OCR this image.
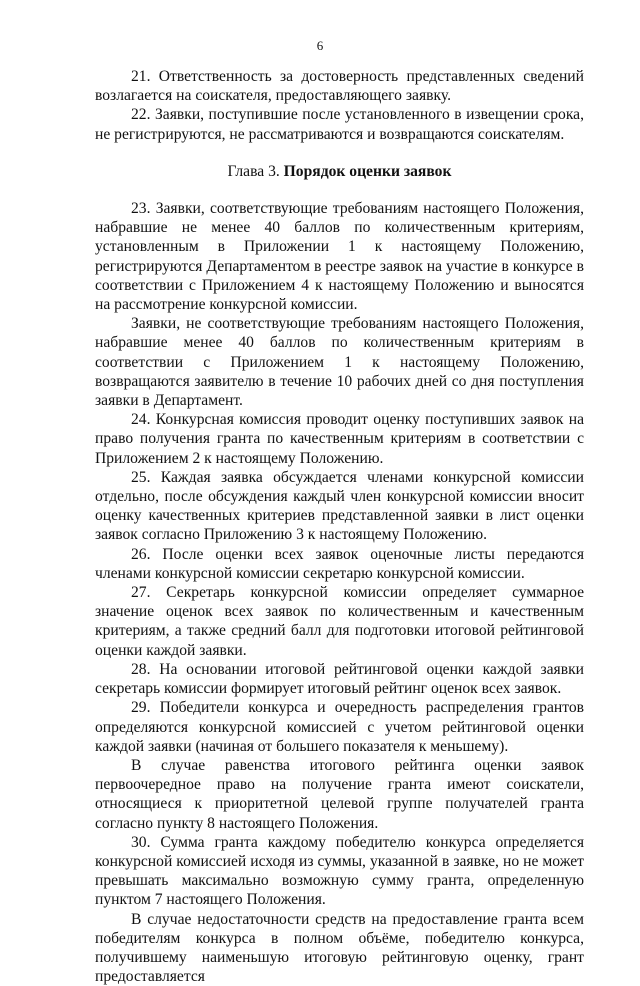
6

21. Ответственность за достоверность представленных сведений возлагается на соискателя, предоставляющего заявку.

22. Заявки, поступившие после установленного в извещении срока, не регистрируются, не рассматриваются и возвращаются соискателям.

Глава 3. Порядок оценки заявок

23. Заявки, соответствующие требованиям настоящего Положения, набравшие не менее 40 баллов по количественным критериям, установленным в Приложении 1 к настоящему Положению, регистрируются Департаментом в реестре заявок на участие в конкурсе в соответствии с Приложением 4 к настоящему Положению и выносятся на рассмотрение конкурсной комиссии.

Заявки, не соответствующие требованиям настоящего Положения, набравшие менее 40 баллов по количественным критериям в соответствии с Приложением 1 к настоящему Положению, возвращаются заявителю в течение 10 рабочих дней со дня поступления заявки в Департамент.

24. Конкурсная комиссия проводит оценку поступивших заявок на право получения гранта по качественным критериям в соответствии с Приложением 2 к настоящему Положению.

25. Каждая заявка обсуждается членами конкурсной комиссии отдельно, после обсуждения каждый член конкурсной комиссии вносит оценку качественных критериев представленной заявки в лист оценки заявок согласно Приложению 3 к настоящему Положению.

26. После оценки всех заявок оценочные листы передаются членами конкурсной комиссии секретарю конкурсной комиссии.

27. Секретарь конкурсной комиссии определяет суммарное значение оценок всех заявок по количественным и качественным критериям, а также средний балл для подготовки итоговой рейтинговой оценки каждой заявки.

28. На основании итоговой рейтинговой оценки каждой заявки секретарь комиссии формирует итоговый рейтинг оценок всех заявок.

29. Победители конкурса и очередность распределения грантов определяются конкурсной комиссией с учетом рейтинговой оценки каждой заявки (начиная от большего показателя к меньшему).

В случае равенства итогового рейтинга оценки заявок первоочередное право на получение гранта имеют соискатели, относящиеся к приоритетной целевой группе получателей гранта согласно пункту 8 настоящего Положения.

30. Сумма гранта каждому победителю конкурса определяется конкурсной комиссией исходя из суммы, указанной в заявке, но не может превышать максимально возможную сумму гранта, определенную пунктом 7 настоящего Положения.

В случае недостаточности средств на предоставление гранта всем победителям конкурса в полном объёме, победителю конкурса, получившему наименьшую итоговую рейтинговую оценку, грант предоставляется
